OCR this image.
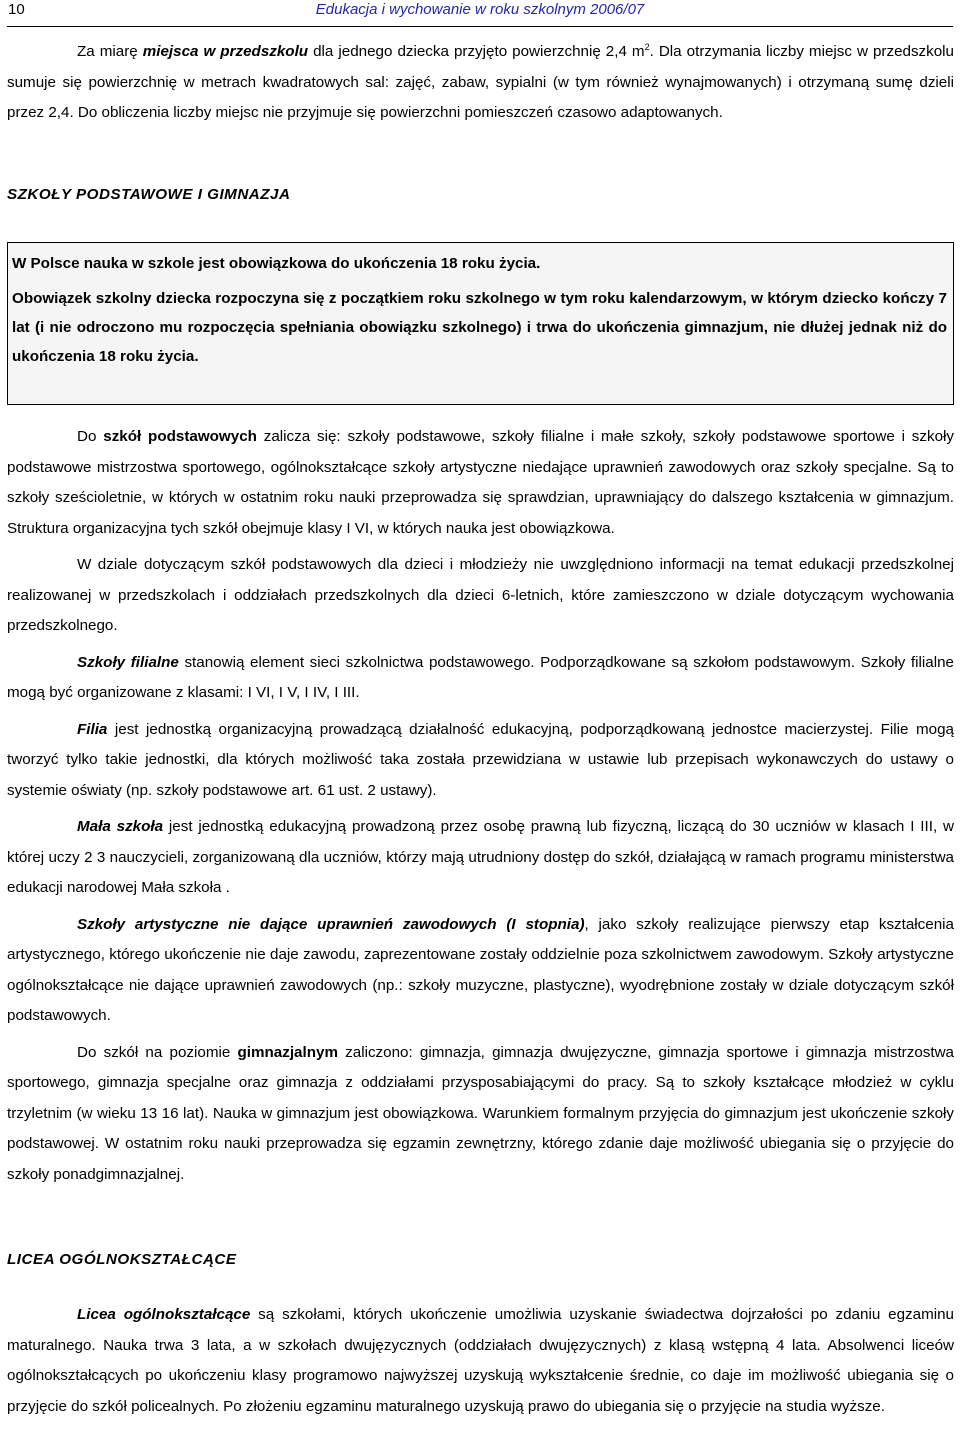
10	Edukacja i wychowanie w roku szkolnym 2006/07

Za miarę miejsca w przedszkolu dla jednego dziecka przyjęto powierzchnię 2,4 $m^2$. Dla otrzymania liczby miejsc w przedszkolu sumuje się powierzchnię w metrach kwadratowych sal: zajęć, zabaw, sypialni (w tym również wynajmowanych) i otrzymaną sumę dzieli przez 2,4. Do obliczenia liczby miejsc nie przyjmuje się powierzchni pomieszczeń czasowo adaptowanych.

SZKOŁY PODSTAWOWE I GIMNAZJA

W Polsce nauka w szkole jest obowiązkowa do ukończenia 18 roku życia.

Obowiązek szkolny dziecka rozpoczyna się z początkiem roku szkolnego w tym roku kalendarzowym, w którym dziecko kończy 7 lat (i nie odroczono mu rozpoczęcia spełniania obowiązku szkolnego) i trwa do ukończenia gimnazjum, nie dłużej jednak niż do ukończenia 18 roku życia.

Do szkół podstawowych zalicza się: szkoły podstawowe, szkoły filialne i małe szkoły, szkoły podstawowe sportowe i szkoły podstawowe mistrzostwa sportowego, ogólnokształcące szkoły artystyczne niedające uprawnień zawodowych oraz szkoły specjalne. Są to szkoły sześcioletnie, w których w ostatnim roku nauki przeprowadza się sprawdzian, uprawniający do dalszego kształcenia w gimnazjum. Struktura organizacyjna tych szkół obejmuje klasy I VI, w których nauka jest obowiązkowa.

W dziale dotyczącym szkół podstawowych dla dzieci i młodzieży nie uwzględniono informacji na temat edukacji przedszkolnej realizowanej w przedszkolach i oddziałach przedszkolnych dla dzieci 6-letnich, które zamieszczono w dziale dotyczącym wychowania przedszkolnego.

Szkoły filialne stanowią element sieci szkolnictwa podstawowego. Podporządkowane są szkołom podstawowym. Szkoły filialne mogą być organizowane z klasami: I VI, I V, I IV, I III.

Filia jest jednostką organizacyjną prowadzącą działalność edukacyjną, podporządkowaną jednostce macierzystej. Filie mogą tworzyć tylko takie jednostki, dla których możliwość taka została przewidziana w ustawie lub przepisach wykonawczych do ustawy o systemie oświaty (np. szkoły podstawowe art. 61 ust. 2 ustawy).

Mała szkoła jest jednostką edukacyjną prowadzoną przez osobę prawną lub fizyczną, liczącą do 30 uczniów w klasach I III, w której uczy 2 3 nauczycieli, zorganizowaną dla uczniów, którzy mają utrudniony dostęp do szkół, działającą w ramach programu ministerstwa edukacji narodowej Mała szkoła .

Szkoły artystyczne nie dające uprawnień zawodowych (I stopnia), jako szkoły realizujące pierwszy etap kształcenia artystycznego, którego ukończenie nie daje zawodu, zaprezentowane zostały oddzielnie poza szkolnictwem zawodowym. Szkoły artystyczne ogólnokształcące nie dające uprawnień zawodowych (np.: szkoły muzyczne, plastyczne), wyodrębnione zostały w dziale dotyczącym szkół podstawowych.

Do szkół na poziomie gimnazjalnym zaliczono: gimnazja, gimnazja dwujęzyczne, gimnazja sportowe i gimnazja mistrzostwa sportowego, gimnazja specjalne oraz gimnazja z oddziałami przysposabiającymi do pracy. Są to szkoły kształcące młodzież w cyklu trzyletnim (w wieku 13 16 lat). Nauka w gimnazjum jest obowiązkowa. Warunkiem formalnym przyjęcia do gimnazjum jest ukończenie szkoły podstawowej. W ostatnim roku nauki przeprowadza się egzamin zewnętrzny, którego zdanie daje możliwość ubiegania się o przyjęcie do szkoły ponadgimnazjalnej.

LICEA OGÓLNOKSZTAŁCĄCE

Licea ogólnokształcące są szkołami, których ukończenie umożliwia uzyskanie świadectwa dojrzałości po zdaniu egzaminu maturalnego. Nauka trwa 3 lata, a w szkołach dwujęzycznych (oddziałach dwujęzycznych) z klasą wstępną 4 lata. Absolwenci liceów ogólnokształcących po ukończeniu klasy programowo najwyższej uzyskują wykształcenie średnie, co daje im możliwość ubiegania się o przyjęcie do szkół policealnych. Po złożeniu egzaminu maturalnego uzyskują prawo do ubiegania się o przyjęcie na studia wyższe.
